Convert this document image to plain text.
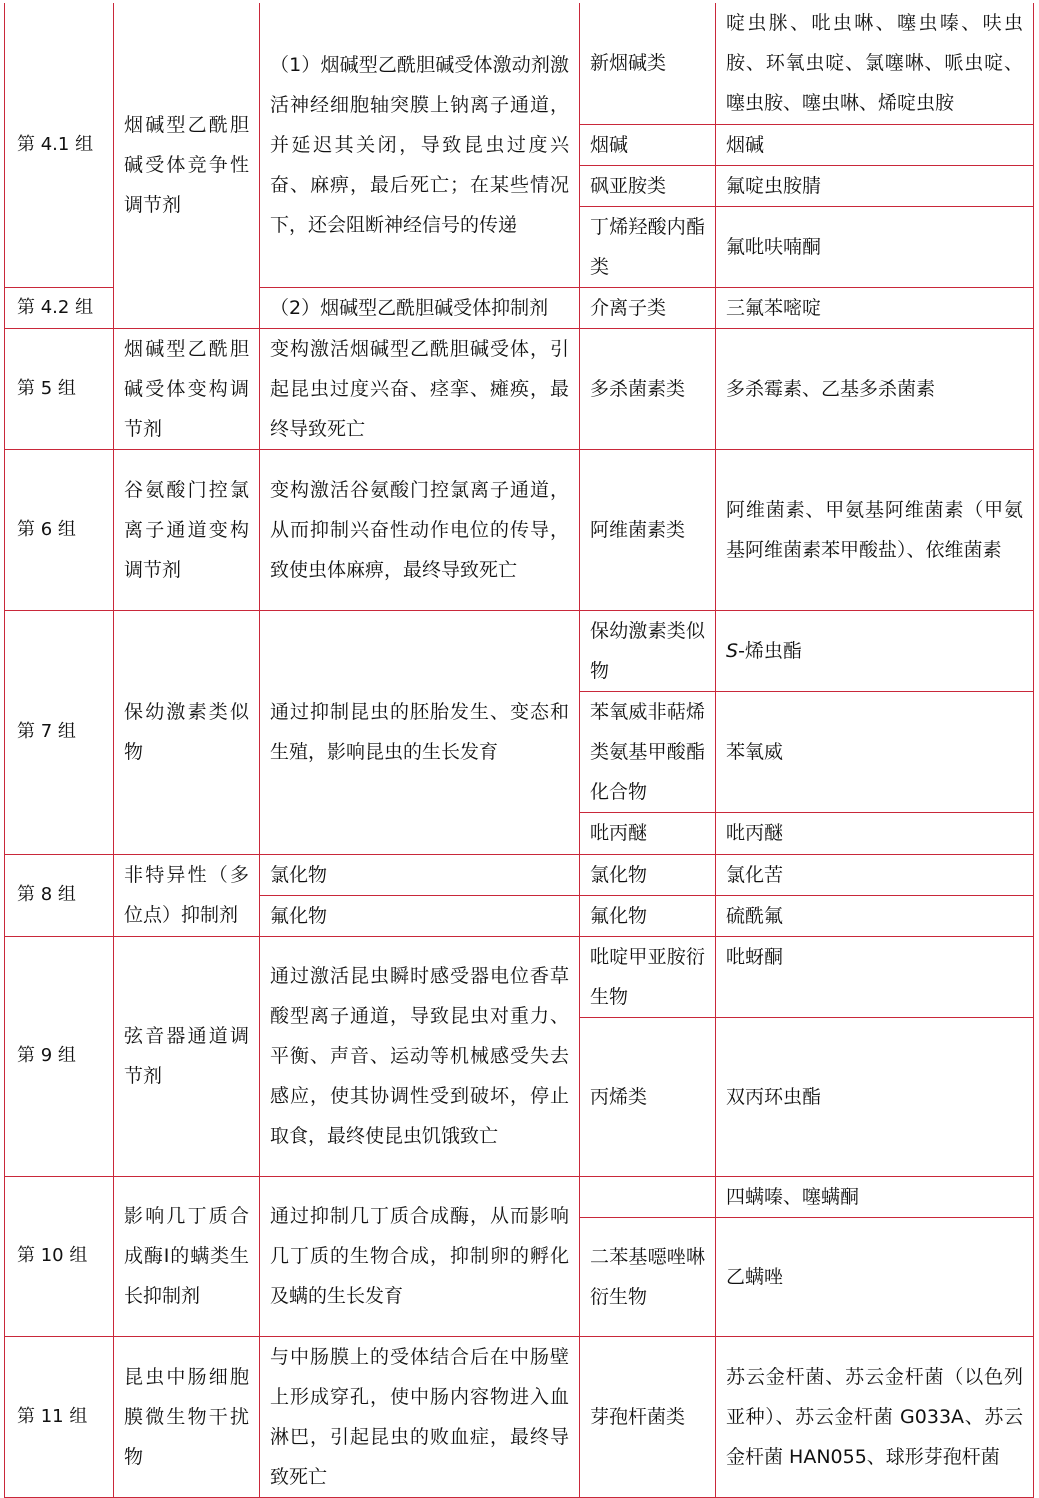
第 4.1 组	烟碱型乙酰胆碱受体竞争性调节剂	（1）烟碱型乙酰胆碱受体激动剂激活神经细胞轴突膜上钠离子通道，并延迟其关闭，导致昆虫过度兴奋、麻痹，最后死亡；在某些情况下，还会阻断神经信号的传递	新烟碱类	啶虫脒、吡虫啉、噻虫嗪、呋虫胺、环氧虫啶、氯噻啉、哌虫啶、噻虫胺、噻虫啉、烯啶虫胺
			烟碱	烟碱
			砜亚胺类	氟啶虫胺腈
			丁烯羟酸内酯类	氟吡呋喃酮
第 4.2 组		（2）烟碱型乙酰胆碱受体抑制剂	介离子类	三氟苯嘧啶
第 5 组	烟碱型乙酰胆碱受体变构调节剂	变构激活烟碱型乙酰胆碱受体，引起昆虫过度兴奋、痉挛、瘫痪，最终导致死亡	多杀菌素类	多杀霉素、乙基多杀菌素
第 6 组	谷氨酸门控氯离子通道变构调节剂	变构激活谷氨酸门控氯离子通道，从而抑制兴奋性动作电位的传导，致使虫体麻痹，最终导致死亡	阿维菌素类	阿维菌素、甲氨基阿维菌素（甲氨基阿维菌素苯甲酸盐）、依维菌素
第 7 组	保幼激素类似物	通过抑制昆虫的胚胎发生、变态和生殖，影响昆虫的生长发育	保幼激素类似物	S-烯虫酯
			苯氧威非萜烯类氨基甲酸酯化合物	苯氧威
			吡丙醚	吡丙醚
第 8 组	非特异性（多位点）抑制剂	氯化物	氯化物	氯化苦
		氟化物	氟化物	硫酰氟
第 9 组	弦音器通道调节剂	通过激活昆虫瞬时感受器电位香草酸型离子通道，导致昆虫对重力、平衡、声音、运动等机械感受失去感应，使其协调性受到破坏，停止取食，最终使昆虫饥饿致亡	吡啶甲亚胺衍生物	吡蚜酮
			丙烯类	双丙环虫酯
第 10 组	影响几丁质合成酶Ⅰ的螨类生长抑制剂	通过抑制几丁质合成酶，从而影响几丁质的生物合成，抑制卵的孵化及螨的生长发育		四螨嗪、噻螨酮
			二苯基噁唑啉衍生物	乙螨唑
第 11 组	昆虫中肠细胞膜微生物干扰物	与中肠膜上的受体结合后在中肠壁上形成穿孔，使中肠内容物进入血淋巴，引起昆虫的败血症，最终导致死亡	芽孢杆菌类	苏云金杆菌、苏云金杆菌（以色列亚种）、苏云金杆菌 G033A、苏云金杆菌 HAN055、球形芽孢杆菌
